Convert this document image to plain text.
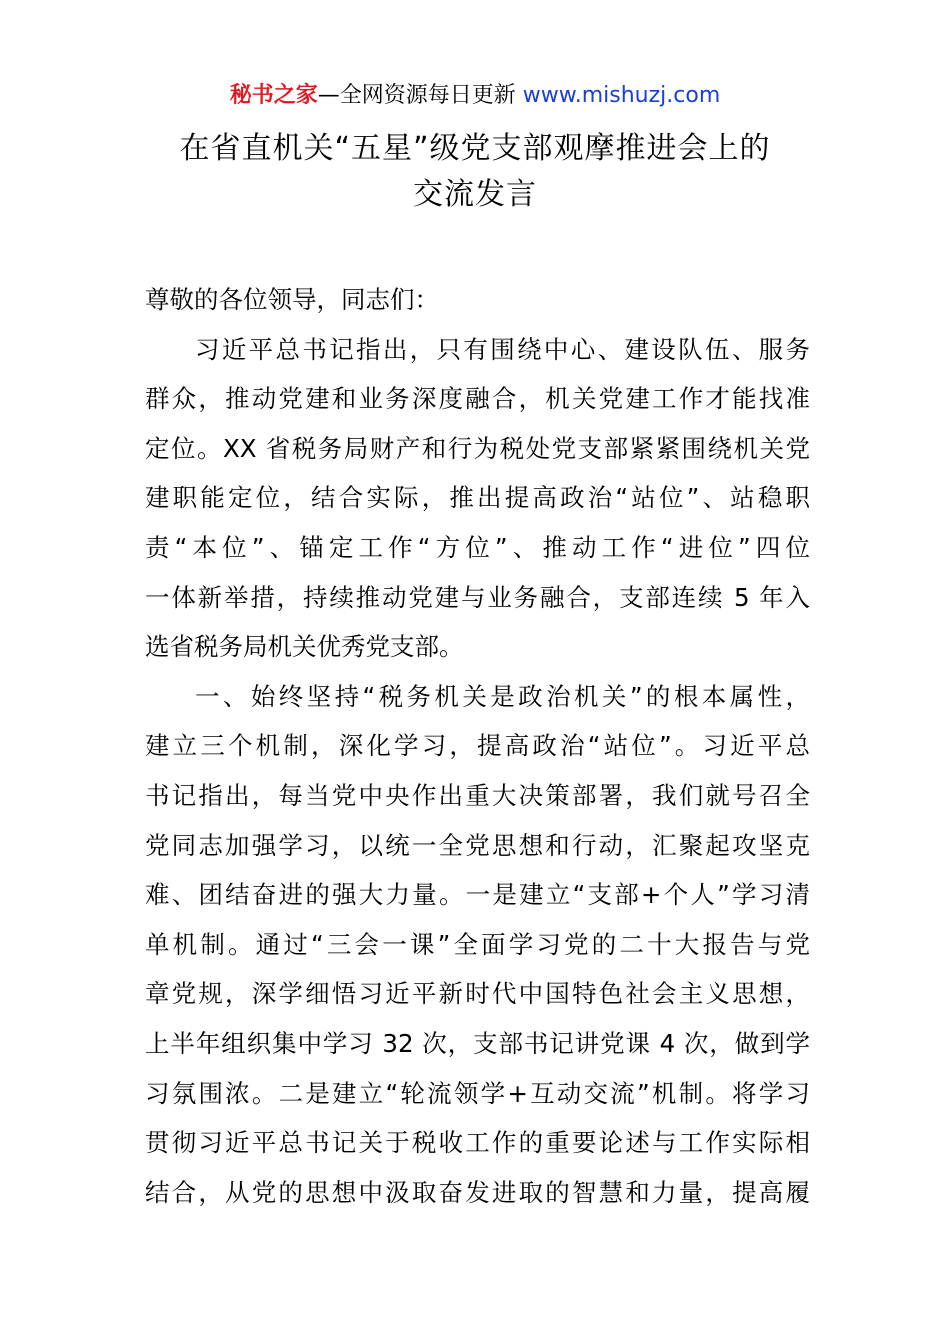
秘书之家—全网资源每日更新 www.mishuzj.com
在省直机关“五星”级党支部观摩推进会上的
交流发言
尊敬的各位领导，同志们：
习近平总书记指出，只有围绕中心、建设队伍、服务
群众，推动党建和业务深度融合，机关党建工作才能找准
定位。XX 省税务局财产和行为税处党支部紧紧围绕机关党
建职能定位，结合实际，推出提高政治“站位”、站稳职
责“本位”、锚定工作“方位”、推动工作“进位”四位
一体新举措，持续推动党建与业务融合，支部连续 5 年入
选省税务局机关优秀党支部。
一、始终坚持“税务机关是政治机关”的根本属性，
建立三个机制，深化学习，提高政治“站位”。习近平总
书记指出，每当党中央作出重大决策部署，我们就号召全
党同志加强学习，以统一全党思想和行动，汇聚起攻坚克
难、团结奋进的强大力量。一是建立“支部+个人”学习清
单机制。通过“三会一课”全面学习党的二十大报告与党
章党规，深学细悟习近平新时代中国特色社会主义思想，
上半年组织集中学习 32 次，支部书记讲党课 4 次，做到学
习氛围浓。二是建立“轮流领学+互动交流”机制。将学习
贯彻习近平总书记关于税收工作的重要论述与工作实际相
结合，从党的思想中汲取奋发进取的智慧和力量，提高履
